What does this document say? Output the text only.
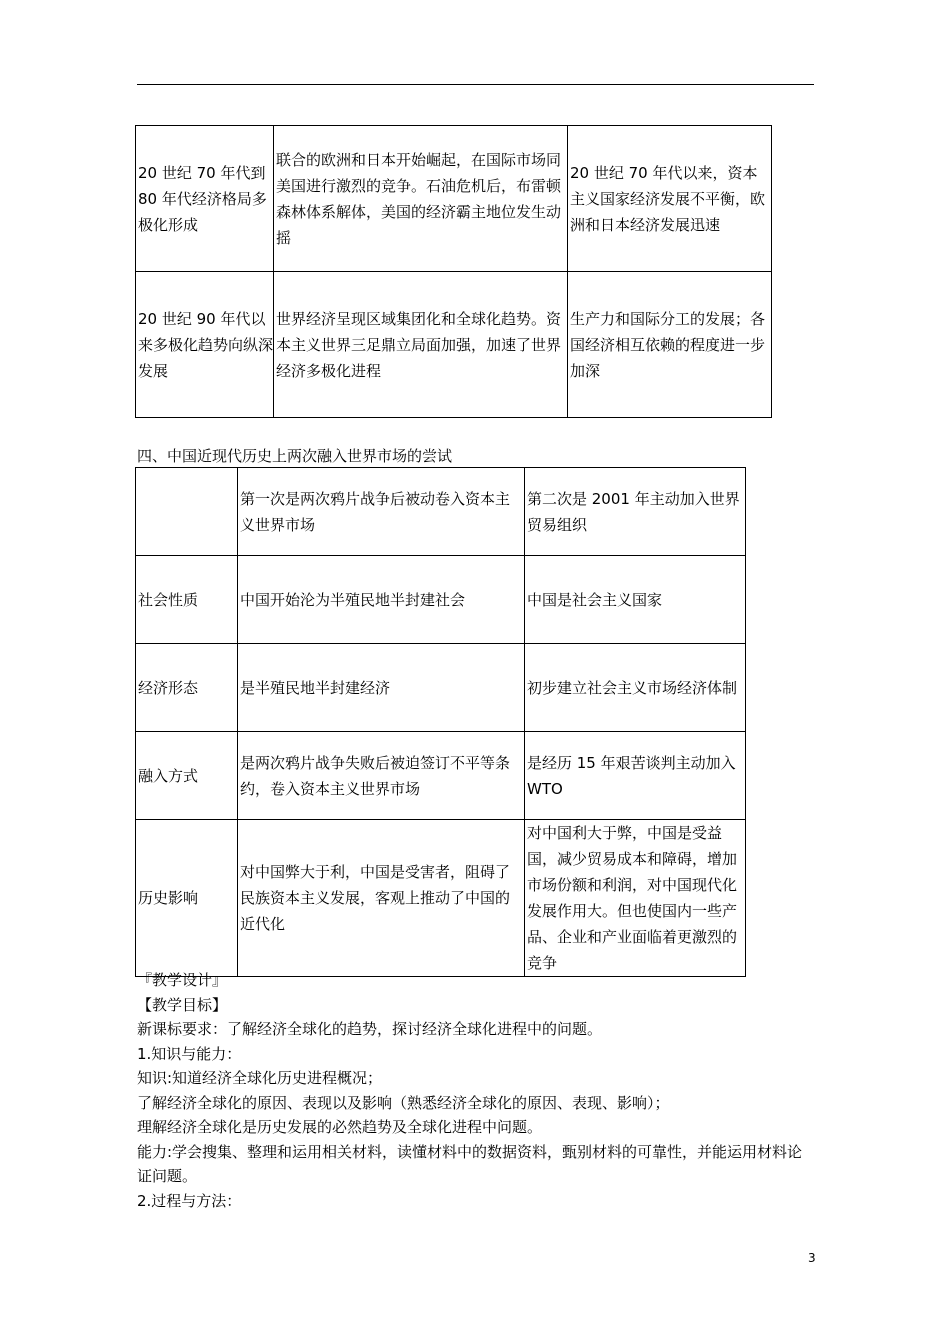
20 世纪 70 年代到 80 年代经济格局多极化形成	联合的欧洲和日本开始崛起，在国际市场同美国进行激烈的竞争。石油危机后，布雷顿森林体系解体，美国的经济霸主地位发生动摇	20 世纪 70 年代以来，资本主义国家经济发展不平衡，欧洲和日本经济发展迅速
20 世纪 90 年代以来多极化趋势向纵深发展	世界经济呈现区域集团化和全球化趋势。资本主义世界三足鼎立局面加强，加速了世界经济多极化进程	生产力和国际分工的发展；各国经济相互依赖的程度进一步加深
四、中国近现代历史上两次融入世界市场的尝试
	第一次是两次鸦片战争后被动卷入资本主义世界市场	第二次是 2001 年主动加入世界贸易组织
社会性质	中国开始沦为半殖民地半封建社会	中国是社会主义国家
经济形态	是半殖民地半封建经济	初步建立社会主义市场经济体制
融入方式	是两次鸦片战争失败后被迫签订不平等条约，卷入资本主义世界市场	是经历 15 年艰苦谈判主动加入 WTO
历史影响	对中国弊大于利，中国是受害者，阻碍了民族资本主义发展，客观上推动了中国的近代化	对中国利大于弊，中国是受益国，减少贸易成本和障碍，增加市场份额和利润，对中国现代化发展作用大。但也使国内一些产品、企业和产业面临着更激烈的竞争
『教学设计』
【教学目标】
新课标要求：了解经济全球化的趋势，探讨经济全球化进程中的问题。
1.知识与能力：
知识:知道经济全球化历史进程概况；
了解经济全球化的原因、表现以及影响（熟悉经济全球化的原因、表现、影响）；
理解经济全球化是历史发展的必然趋势及全球化进程中问题。
能力:学会搜集、整理和运用相关材料，读懂材料中的数据资料，甄别材料的可靠性，并能运用材料论证问题。
2.过程与方法：
3
